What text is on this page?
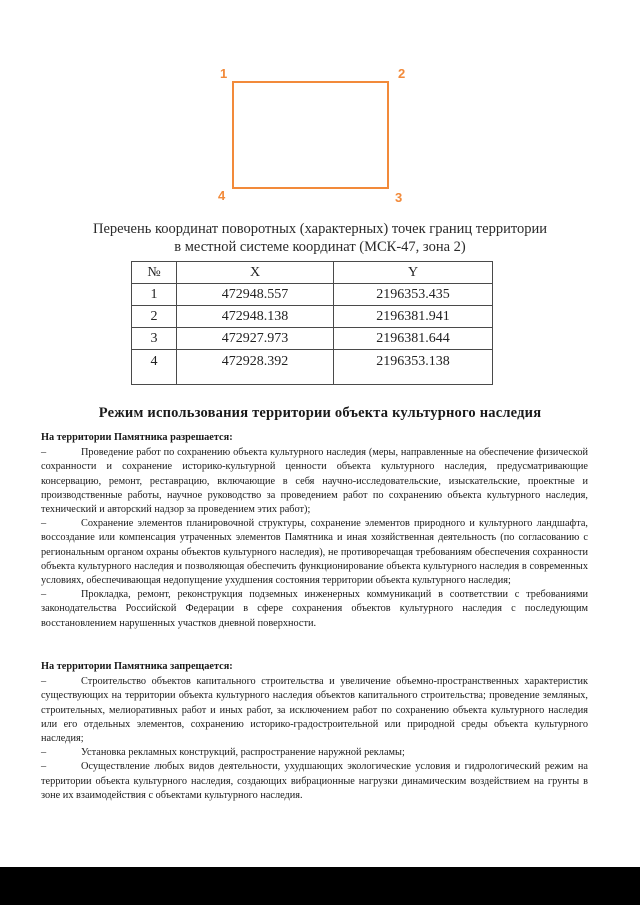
1	2
3
4
Перечень координат поворотных (характерных) точек границ территории
в местной системе координат (МСК-47, зона 2)
№	X	Y
1	472948.557	2196353.435
2	472948.138	2196381.941
3	472927.973	2196381.644
4	472928.392	2196353.138
Режим использования территории объекта культурного наследия

На территории Памятника разрешается:

–	Проведение работ по сохранению объекта культурного наследия (меры, направленные на обеспечение физической сохранности и сохранение историко-культурной ценности объекта культурного наследия, предусматривающие консервацию, ремонт, реставрацию, включающие в себя научно-исследовательские, изыскательские, проектные и производственные работы, научное руководство за проведением работ по сохранению объекта культурного наследия, технический и авторский надзор за проведением этих работ);

–	Сохранение элементов планировочной структуры, сохранение элементов природного и культурного ландшафта, воссоздание или компенсация утраченных элементов Памятника и иная хозяйственная деятельность (по согласованию с региональным органом охраны объектов культурного наследия), не противоречащая требованиям обеспечения сохранности объекта культурного наследия и позволяющая обеспечить функционирование объекта культурного наследия в современных условиях, обеспечивающая недопущение ухудшения состояния территории объекта культурного наследия;

–	Прокладка, ремонт, реконструкция подземных инженерных коммуникаций в соответствии с требованиями законодательства Российской Федерации в сфере сохранения объектов культурного наследия с последующим восстановлением нарушенных участков дневной поверхности.

На территории Памятника запрещается:

–	Строительство объектов капитального строительства и увеличение объемно-пространственных характеристик существующих на территории объекта культурного наследия объектов капитального строительства; проведение земляных, строительных, мелиоративных работ и иных работ, за исключением работ по сохранению объекта культурного наследия или его отдельных элементов, сохранению историко-градостроительной или природной среды объекта культурного наследия;

–	Установка рекламных конструкций, распространение наружной рекламы;

–	Осуществление любых видов деятельности, ухудшающих экологические условия и гидрологический режим на территории объекта культурного наследия, создающих вибрационные нагрузки динамическим воздействием на грунты в зоне их взаимодействия с объектами культурного наследия.
